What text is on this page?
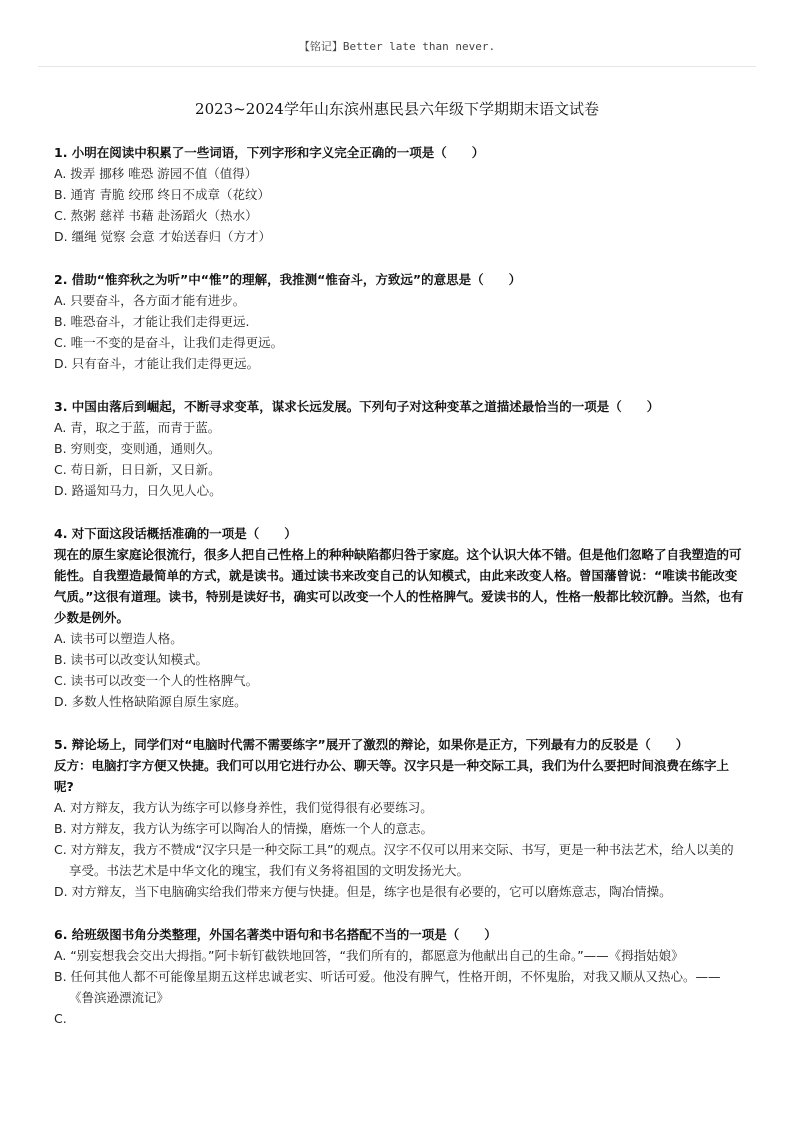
【铭记】Better late than never.
2023~2024学年山东滨州惠民县六年级下学期期末语文试卷
1. 小明在阅读中积累了一些词语，下列字形和字义完全正确的一项是（　　）
A. 拨弄 挪移 唯恐 游园不值（值得）
B. 通宵 青脆 绞邢 终日不成章（花纹）
C. 熬粥 慈祥 书藉 赴汤蹈火（热水）
D. 缰绳 觉察 会意 才始送春归（方才）
2. 借助“惟弈秋之为听”中“惟”的理解，我推测“惟奋斗，方致远”的意思是（　　）
A. 只要奋斗，各方面才能有进步。
B. 唯恐奋斗，才能让我们走得更远.
C. 唯一不变的是奋斗，让我们走得更远。
D. 只有奋斗，才能让我们走得更远。
3. 中国由落后到崛起，不断寻求变革，谋求长远发展。下列句子对这种变革之道描述最恰当的一项是（　　）
A. 青，取之于蓝，而青于蓝。
B. 穷则变，变则通，通则久。
C. 苟日新，日日新，又日新。
D. 路遥知马力，日久见人心。
4. 对下面这段话概括准确的一项是（　　）
现在的原生家庭论很流行，很多人把自己性格上的种种缺陷都归咎于家庭。这个认识大体不错。但是他们忽略了自我塑造的可能性。自我塑造最简单的方式，就是读书。通过读书来改变自己的认知模式，由此来改变人格。曾国藩曾说：“唯读书能改变气质。”这很有道理。读书，特别是读好书，确实可以改变一个人的性格脾气。爱读书的人，性格一般都比较沉静。当然，也有少数是例外。
A. 读书可以塑造人格。
B. 读书可以改变认知模式。
C. 读书可以改变一个人的性格脾气。
D. 多数人性格缺陷源自原生家庭。
5. 辩论场上，同学们对“电脑时代需不需要练字”展开了激烈的辩论，如果你是正方，下列最有力的反驳是（　　）
反方：电脑打字方便又快捷。我们可以用它进行办公、聊天等。汉字只是一种交际工具，我们为什么要把时间浪费在练字上呢?
A. 对方辩友，我方认为练字可以修身养性，我们觉得很有必要练习。
B. 对方辩友，我方认为练字可以陶冶人的情操，磨炼一个人的意志。
C. 对方辩友，我方不赞成“汉字只是一种交际工具”的观点。汉字不仅可以用来交际、书写，更是一种书法艺术，给人以美的享受。书法艺术是中华文化的瑰宝，我们有义务将祖国的文明发扬光大。
D. 对方辩友，当下电脑确实给我们带来方便与快捷。但是，练字也是很有必要的，它可以磨炼意志，陶冶情操。
6. 给班级图书角分类整理，外国名著类中语句和书名搭配不当的一项是（　　）
A. “别妄想我会交出大拇指。”阿卡斩钉截铁地回答，“我们所有的，都愿意为他献出自己的生命。”——《拇指姑娘》
B. 任何其他人都不可能像星期五这样忠诚老实、听话可爱。他没有脾气，性格开朗，不怀鬼胎，对我又顺从又热心。——《鲁滨逊漂流记》
C.
